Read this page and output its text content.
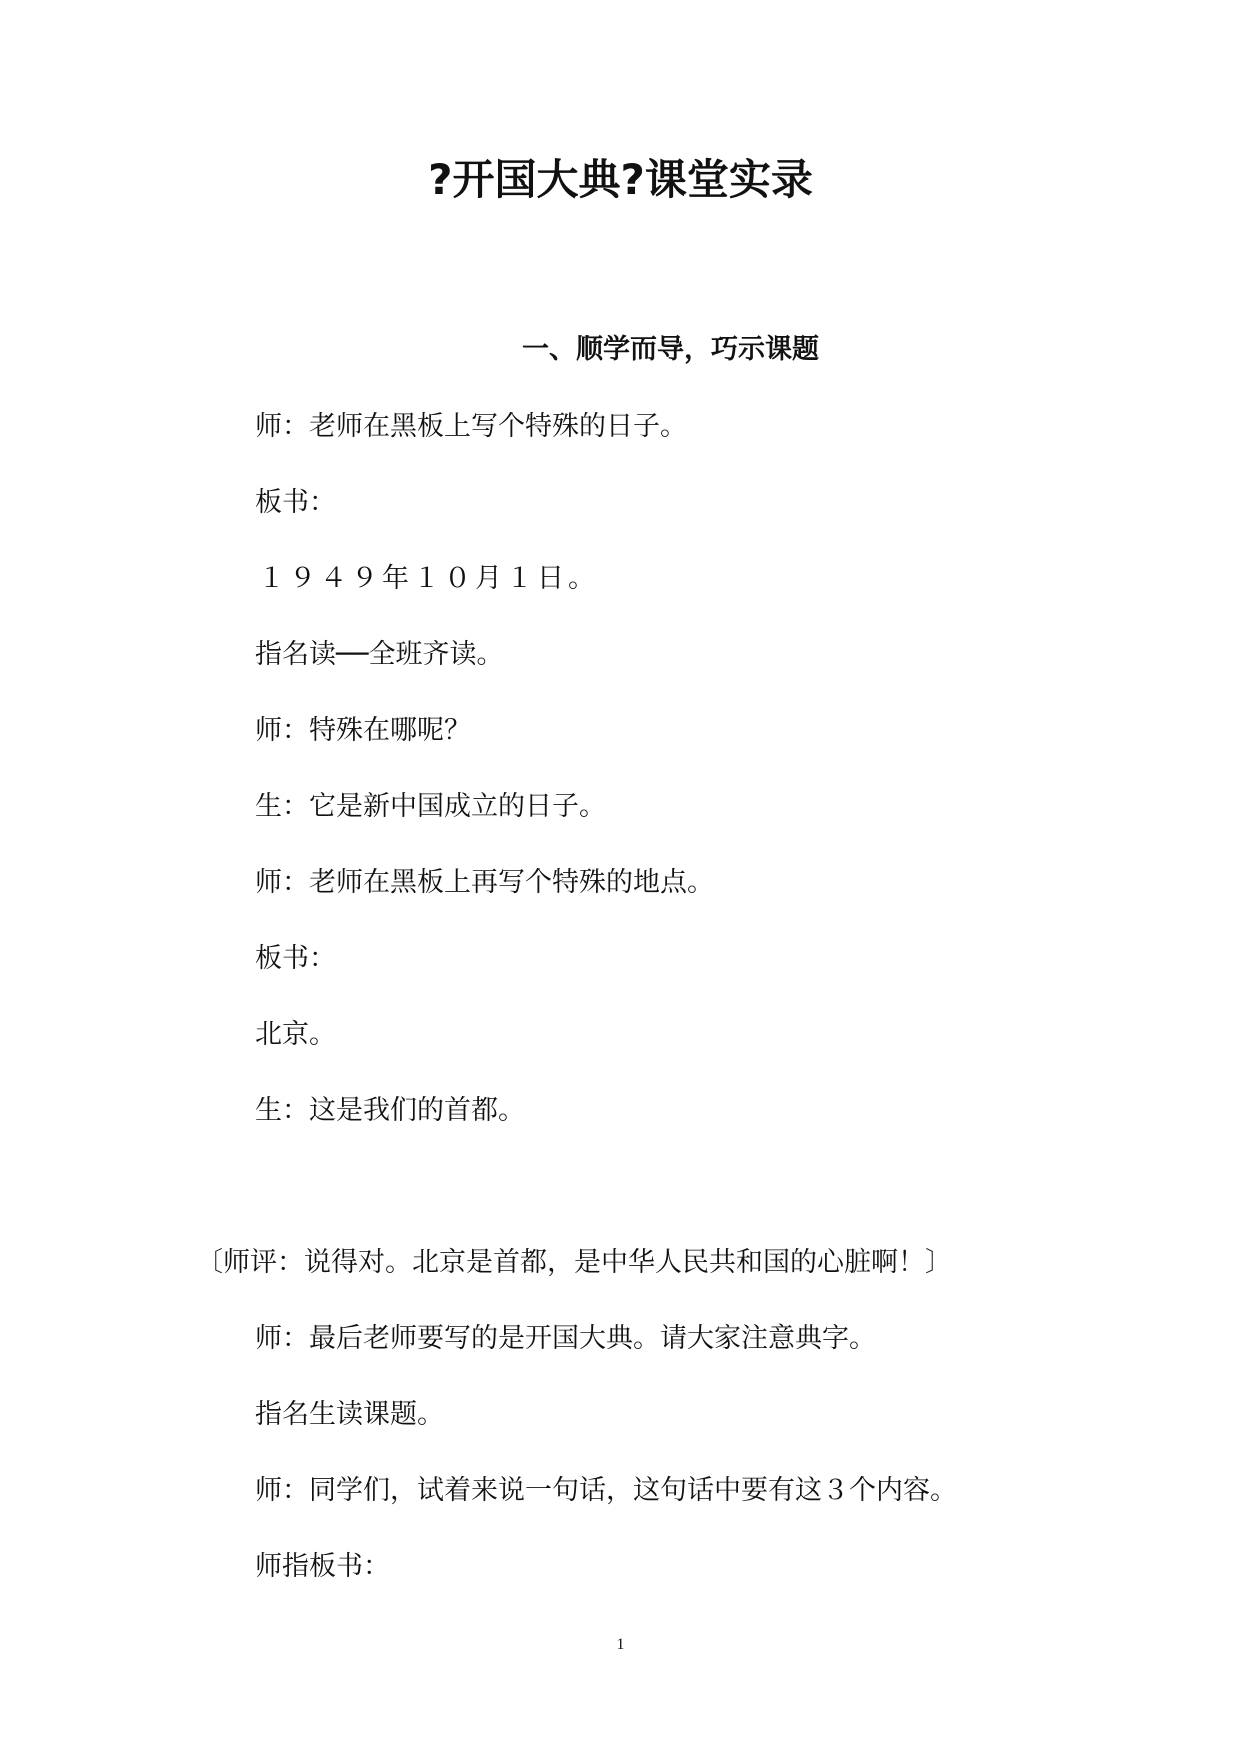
?开国大典?课堂实录
一、顺学而导，巧示课题

师：老师在黑板上写个特殊的日子。

板书：

１９４９年１０月１日。

指名读──全班齐读。

师：特殊在哪呢？

生：它是新中国成立的日子。

师：老师在黑板上再写个特殊的地点。

板书：

北京。

生：这是我们的首都。

〔师评：说得对。北京是首都，是中华人民共和国的心脏啊！〕

师：最后老师要写的是开国大典。请大家注意典字。

指名生读课题。

师：同学们，试着来说一句话，这句话中要有这３个内容。

师指板书：

1
